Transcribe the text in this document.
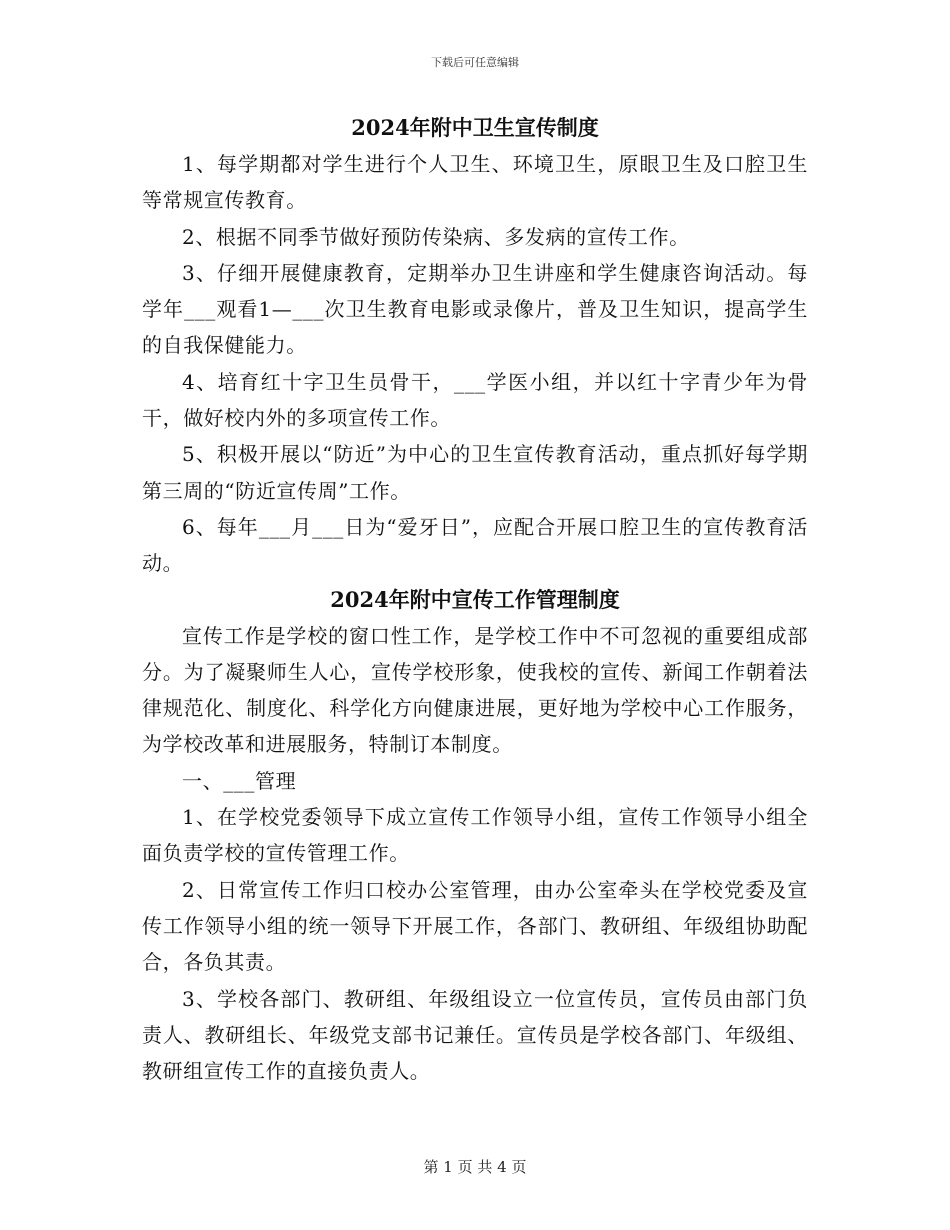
下载后可任意编辑
2024年附中卫生宣传制度

1、每学期都对学生进行个人卫生、环境卫生，原眼卫生及口腔卫生等常规宣传教育。

2、根据不同季节做好预防传染病、多发病的宣传工作。

3、仔细开展健康教育，定期举办卫生讲座和学生健康咨询活动。每学年___观看1—___次卫生教育电影或录像片，普及卫生知识，提高学生的自我保健能力。

4、培育红十字卫生员骨干，___学医小组，并以红十字青少年为骨干，做好校内外的多项宣传工作。

5、积极开展以“防近”为中心的卫生宣传教育活动，重点抓好每学期第三周的“防近宣传周”工作。

6、每年___月___日为“爱牙日”，应配合开展口腔卫生的宣传教育活动。

2024年附中宣传工作管理制度

宣传工作是学校的窗口性工作，是学校工作中不可忽视的重要组成部分。为了凝聚师生人心，宣传学校形象，使我校的宣传、新闻工作朝着法律规范化、制度化、科学化方向健康进展，更好地为学校中心工作服务，为学校改革和进展服务，特制订本制度。

一、___管理

1、在学校党委领导下成立宣传工作领导小组，宣传工作领导小组全面负责学校的宣传管理工作。

2、日常宣传工作归口校办公室管理，由办公室牵头在学校党委及宣传工作领导小组的统一领导下开展工作，各部门、教研组、年级组协助配合，各负其责。

3、学校各部门、教研组、年级组设立一位宣传员，宣传员由部门负责人、教研组长、年级党支部书记兼任。宣传员是学校各部门、年级组、教研组宣传工作的直接负责人。

第 1 页 共 4 页
